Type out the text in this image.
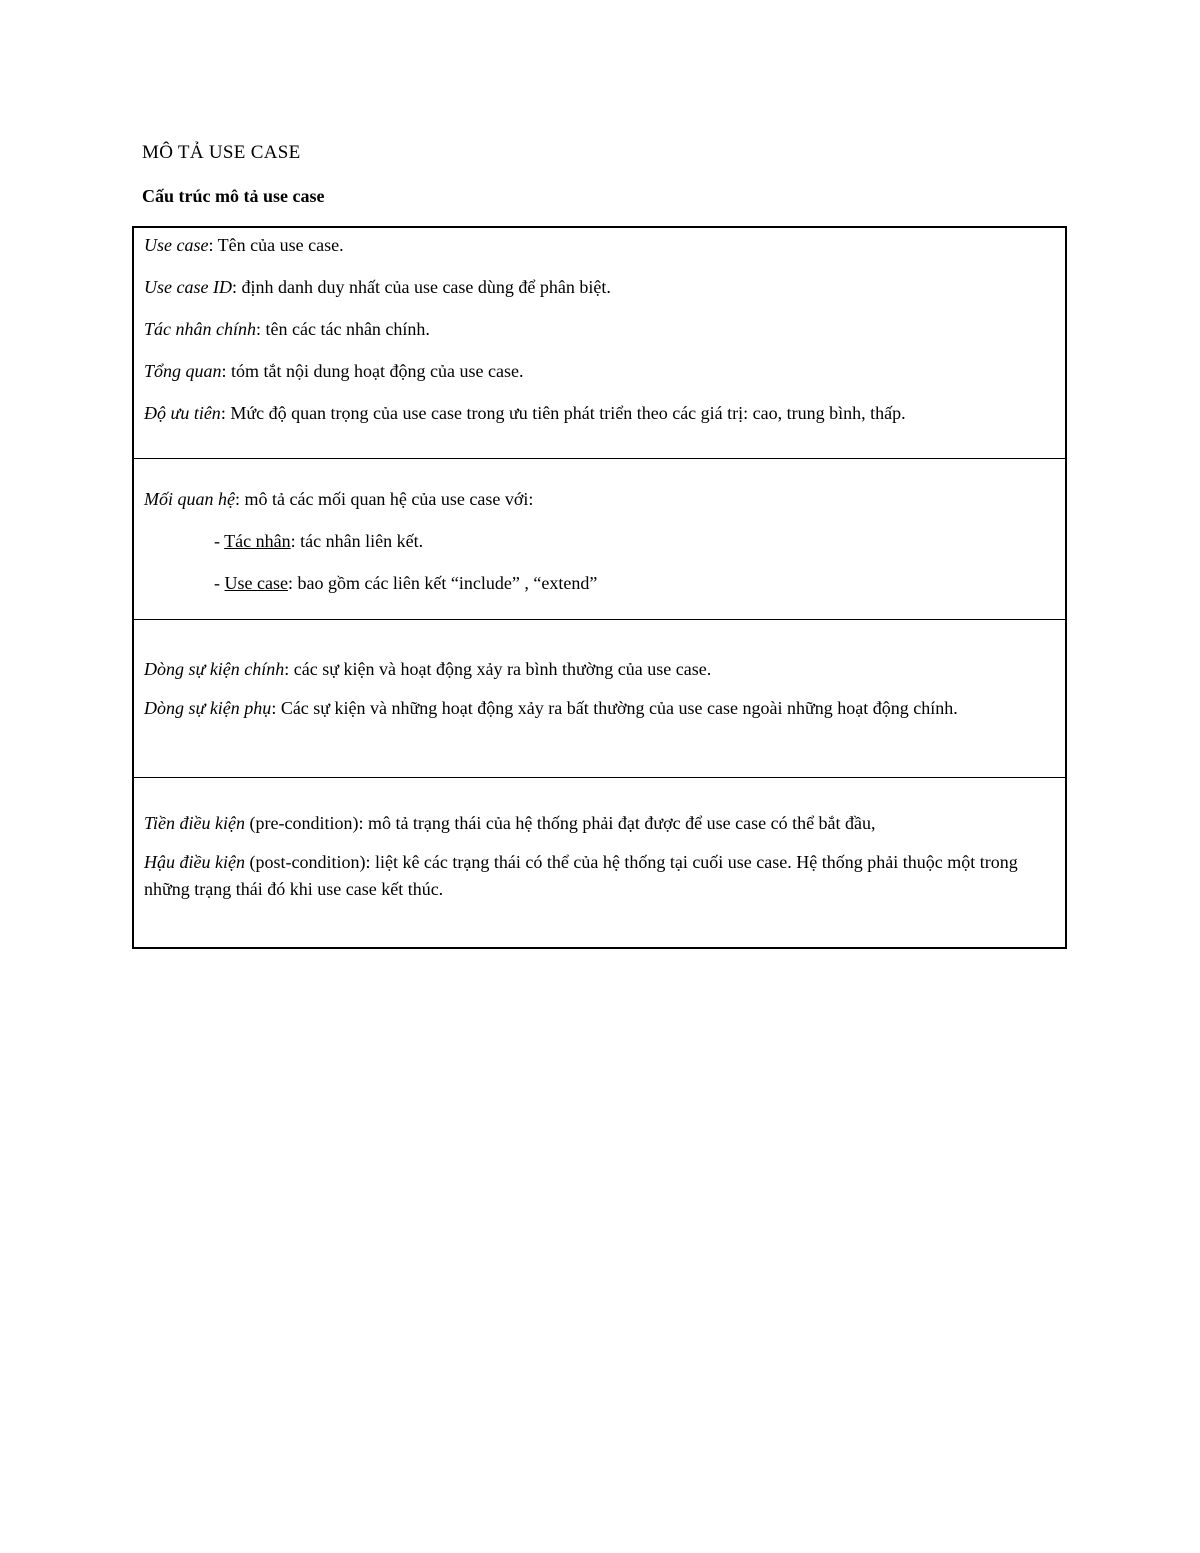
MÔ TẢ USE CASE
Cấu trúc mô tả use case

Use case: Tên của use case.

Use case ID: định danh duy nhất của use case dùng để phân biệt.

Tác nhân chính: tên các tác nhân chính.

Tổng quan: tóm tắt nội dung hoạt động của use case.

Độ ưu tiên: Mức độ quan trọng của use case trong ưu tiên phát triển theo các giá trị: cao, trung bình, thấp.

Mối quan hệ: mô tả các mối quan hệ của use case với:

- Tác nhân: tác nhân liên kết.

- Use case: bao gồm các liên kết “include” , “extend”

Dòng sự kiện chính: các sự kiện và hoạt động xảy ra bình thường của use case.

Dòng sự kiện phụ: Các sự kiện và những hoạt động xảy ra bất thường của use case ngoài những hoạt động chính.

Tiền điều kiện (pre-condition): mô tả trạng thái của hệ thống phải đạt được để use case có thể bắt đầu,

Hậu điều kiện (post-condition): liệt kê các trạng thái có thể của hệ thống tại cuối use case. Hệ thống phải thuộc một trong những trạng thái đó khi use case kết thúc.
